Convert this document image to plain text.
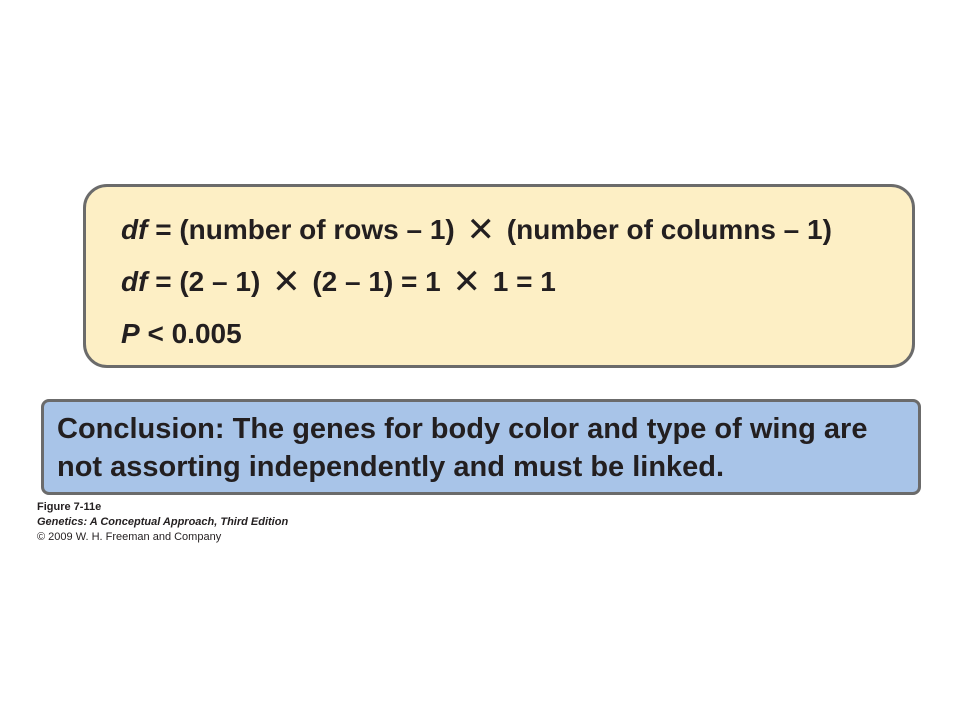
df = (number of rows – 1) ✕ (number of columns – 1)
df = (2 – 1) ✕ (2 – 1) = 1 ✕ 1 = 1
P < 0.005
Conclusion: The genes for body color and type of wing are not assorting independently and must be linked.
Figure 7-11e
Genetics: A Conceptual Approach, Third Edition
© 2009 W. H. Freeman and Company
